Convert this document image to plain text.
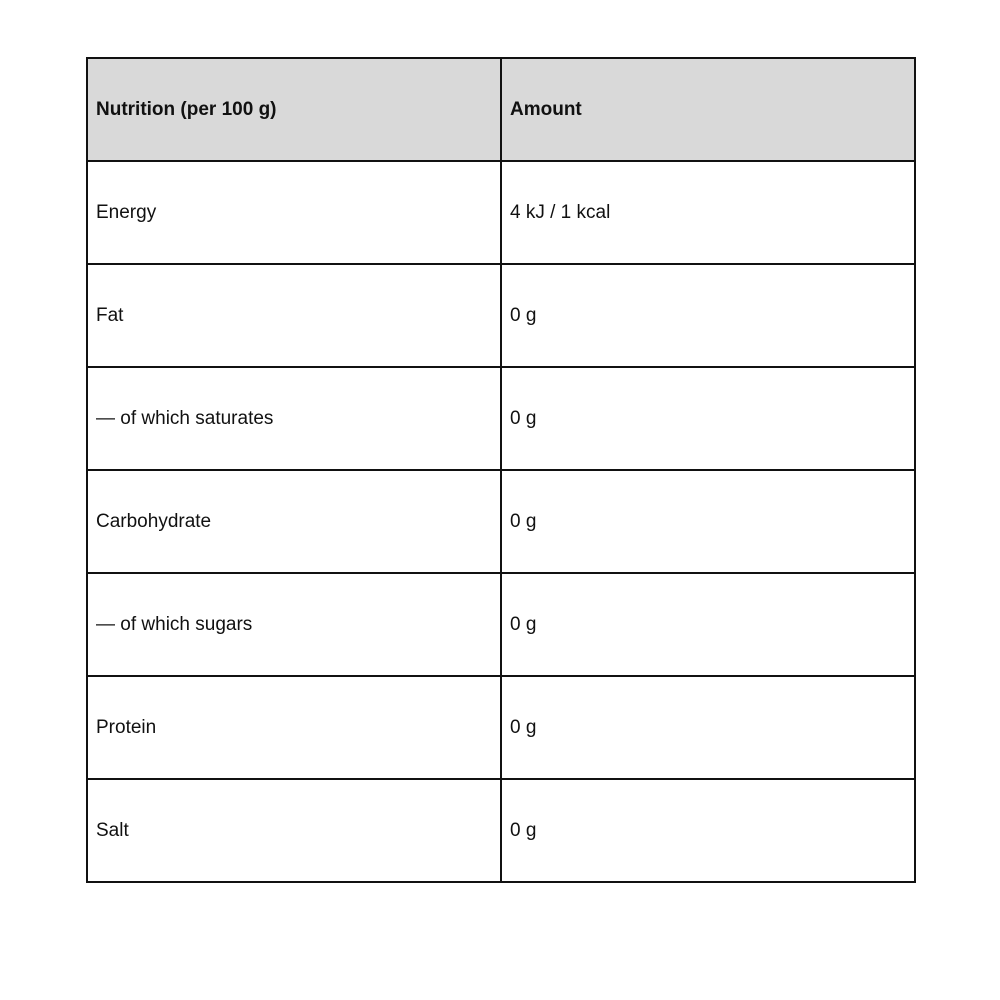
Nutrition (per 100 g)	Amount
Energy	4 kJ / 1 kcal
Fat	0 g
— of which saturates	0 g
Carbohydrate	0 g
— of which sugars	0 g
Protein	0 g
Salt	0 g
